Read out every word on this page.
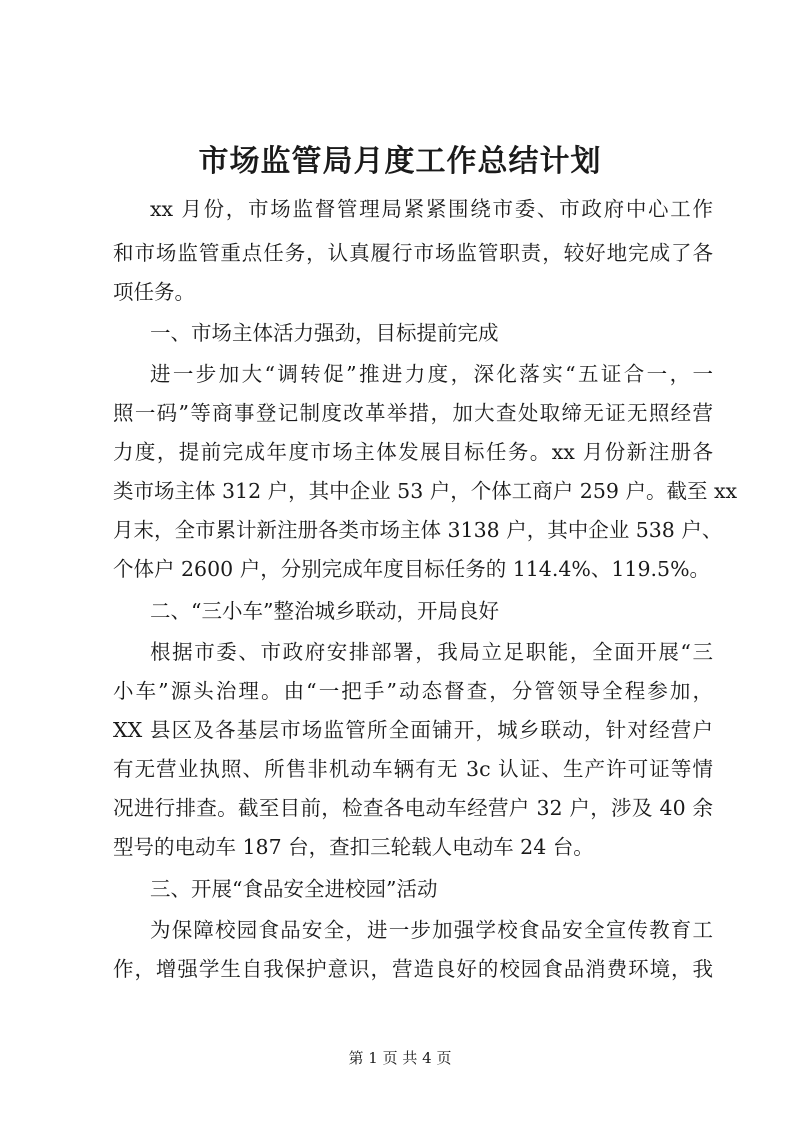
市场监管局月度工作总结计划
xx 月份，市场监督管理局紧紧围绕市委、市政府中心工作
和市场监管重点任务，认真履行市场监管职责，较好地完成了各
项任务。
一、市场主体活力强劲，目标提前完成
进一步加大“调转促”推进力度，深化落实“五证合一，一
照一码”等商事登记制度改革举措，加大查处取缔无证无照经营
力度，提前完成年度市场主体发展目标任务。xx 月份新注册各
类市场主体 312 户，其中企业 53 户，个体工商户 259 户。截至 xx
月末，全市累计新注册各类市场主体 3138 户，其中企业 538 户、
个体户 2600 户，分别完成年度目标任务的 114.4%、119.5%。
二、“三小车”整治城乡联动，开局良好
根据市委、市政府安排部署，我局立足职能，全面开展“三
小车”源头治理。由“一把手”动态督查，分管领导全程参加，
XX 县区及各基层市场监管所全面铺开，城乡联动，针对经营户
有无营业执照、所售非机动车辆有无 3c 认证、生产许可证等情
况进行排查。截至目前，检查各电动车经营户 32 户，涉及 40 余
型号的电动车 187 台，查扣三轮载人电动车 24 台。
三、开展“食品安全进校园”活动
为保障校园食品安全，进一步加强学校食品安全宣传教育工
作，增强学生自我保护意识，营造良好的校园食品消费环境，我
第 1 页 共 4 页
